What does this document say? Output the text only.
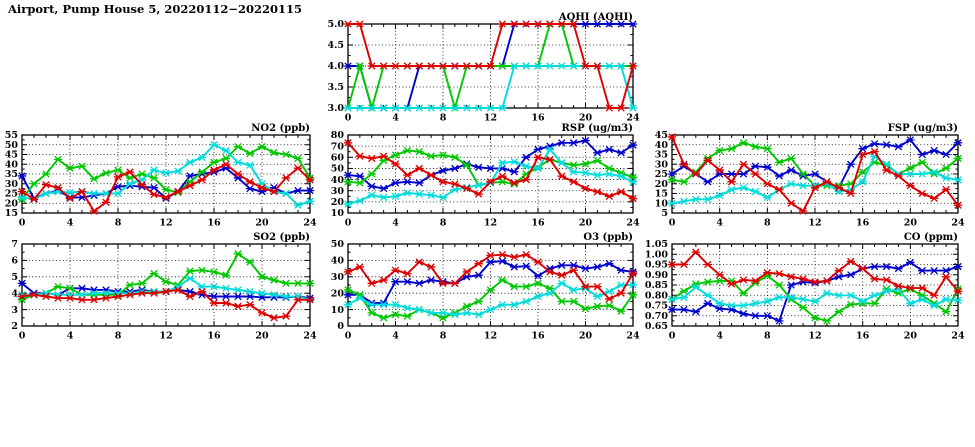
Airport, Pump House 5, 20220112−20220115
3.0
3.5
4.0
4.5
5.0
0	4	8	12	16	20	24
AQHI (AQHI)
15
20
25
30
35
40
45
50
55
0	4	8	12	16	20	24
NO2 (ppb)
10
20
30
40
50
60
70
80
0	4	8	12	16	20	24
RSP (ug/m3)
5
10
15
20
25
30
35
40
45
0	4	8	12	16	20	24
FSP (ug/m3)
2
3
4
5
6
7
0	4	8	12	16	20	24
SO2 (ppb)
0
10
20
30
40
50
0	4	8	12	16	20	24
O3 (ppb)
0.65
0.70
0.75
0.80
0.85
0.90
0.95
1.00
1.05
0	4	8	12	16	20	24
CO (ppm)
